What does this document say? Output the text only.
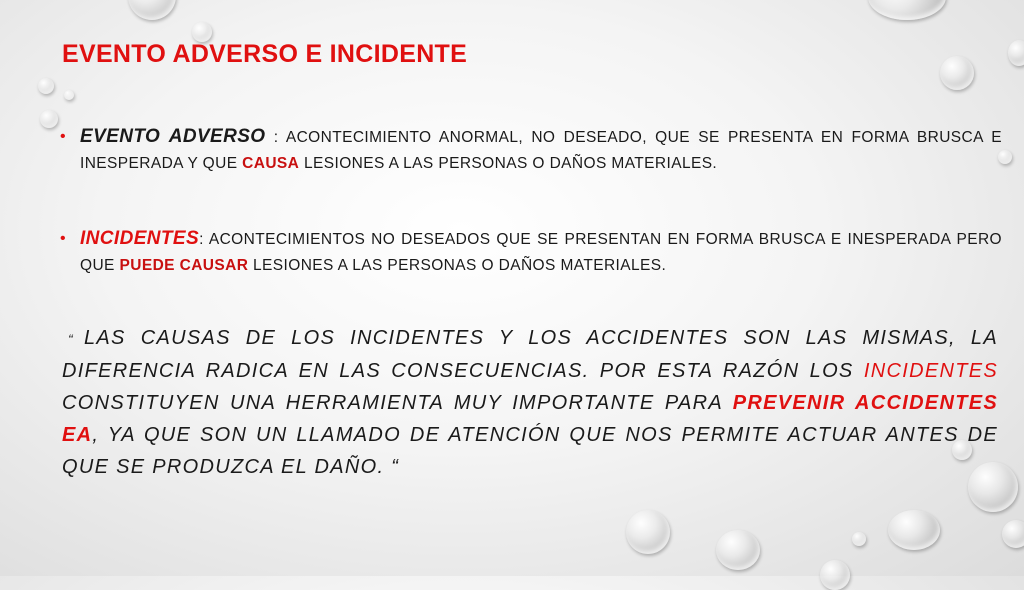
EVENTO ADVERSO E INCIDENTE
• EVENTO ADVERSO : ACONTECIMIENTO ANORMAL, NO DESEADO, QUE SE PRESENTA EN FORMA BRUSCA E INESPERADA Y QUE CAUSA LESIONES A LAS PERSONAS O DAÑOS MATERIALES.
• INCIDENTES: ACONTECIMIENTOS NO DESEADOS QUE SE PRESENTAN EN FORMA BRUSCA E INESPERADA PERO QUE PUEDE CAUSAR LESIONES A LAS PERSONAS O DAÑOS MATERIALES.
“ LAS CAUSAS DE LOS INCIDENTES Y LOS ACCIDENTES SON LAS MISMAS, LA DIFERENCIA RADICA EN LAS CONSECUENCIAS. POR ESTA RAZÓN LOS INCIDENTES CONSTITUYEN UNA HERRAMIENTA MUY IMPORTANTE PARA PREVENIR ACCIDENTES EA, YA QUE SON UN LLAMADO DE ATENCIÓN QUE NOS PERMITE ACTUAR ANTES DE QUE SE PRODUZCA EL DAÑO. “
